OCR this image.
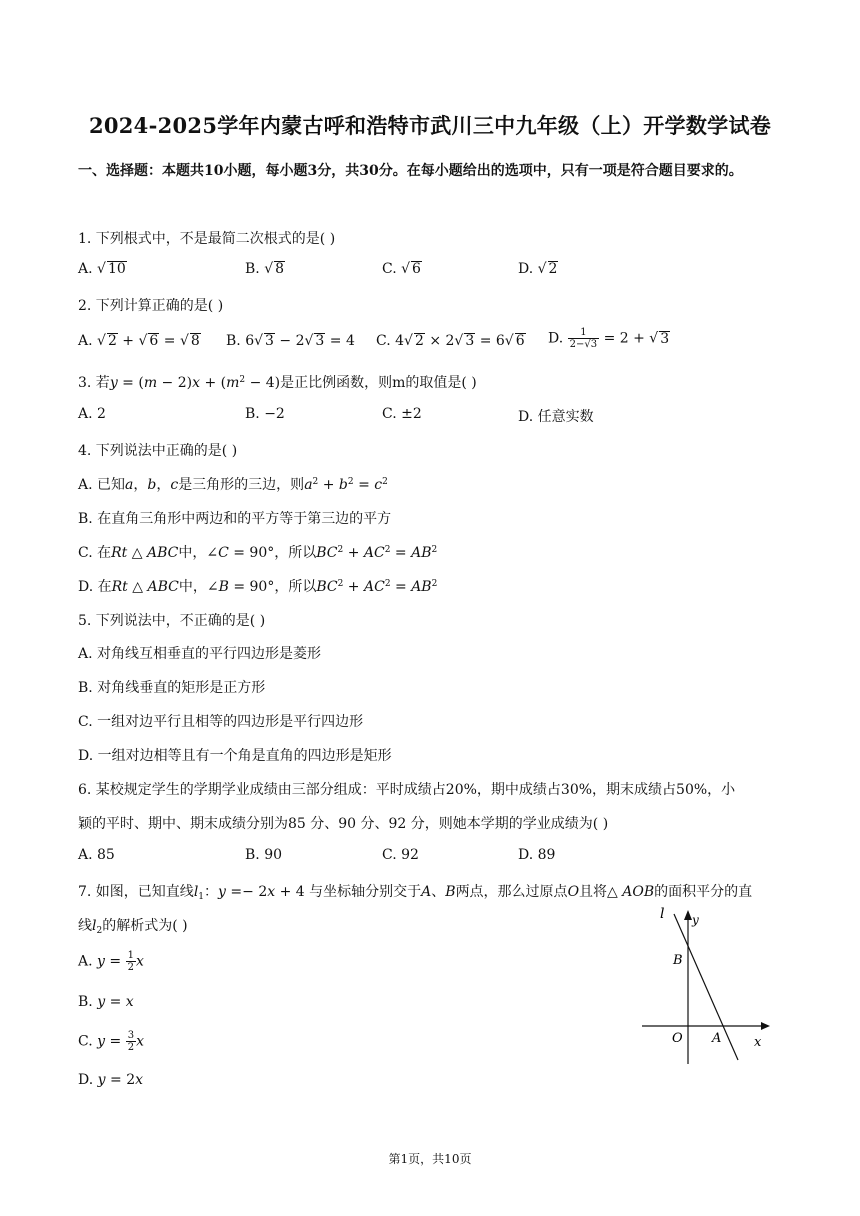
2024-2025学年内蒙古呼和浩特市武川三中九年级（上）开学数学试卷
一、选择题：本题共10小题，每小题3分，共30分。在每小题给出的选项中，只有一项是符合题目要求的。
1. 下列根式中，不是最简二次根式的是( )
A. √ 10	B. √ 8	C. √ 6	D. √ 2
2. 下列计算正确的是( )
A. √ 2 + √ 6 = √ 8 B. 6√ 3 − 2√ 3 = 4 C. 4√ 2 × 2√ 3 = 6√ 6 D. $\frac{1}{2-√3} = 2$ + √ 3
3. 若$y = (m - 2)x + (m^2 - 4)$是正比例函数，则m的取值是( )
A. 2	B. −2	C. ±2	D. 任意实数
4. 下列说法中正确的是( )
A. 已知a，b，c是三角形的三边，则$a^2 + b^2 = c^2$
B. 在直角三角形中两边和的平方等于第三边的平方
C. 在Rt △ ABC中，∠C = 90°，所以$BC^2 + AC^2 = AB^2$
D. 在Rt △ ABC中，∠B = 90°，所以$BC^2 + AC^2 = AB^2$
5. 下列说法中，不正确的是( )
A. 对角线互相垂直的平行四边形是菱形
B. 对角线垂直的矩形是正方形
C. 一组对边平行且相等的四边形是平行四边形
D. 一组对边相等且有一个角是直角的四边形是矩形
6. 某校规定学生的学期学业成绩由三部分组成：平时成绩占20%，期中成绩占30%，期末成绩占50%，小
颖的平时、期中、期末成绩分别为85 分、90 分、92 分，则她本学期的学业成绩为( )
A. 85	B. 90	C. 92	D. 89
7. 如图，已知直线$l_1$：y =− 2x + 4 与坐标轴分别交于A、B两点，那么过原点O且将△ AOB的面积平分的直
线$l_2$的解析式为( )
A. $y = \frac{1}{2}$ x
B. y = x
C. $y = \frac{3}{2}$ x
D. y = 2x
l y
x
O A
B
第1页，共10页
